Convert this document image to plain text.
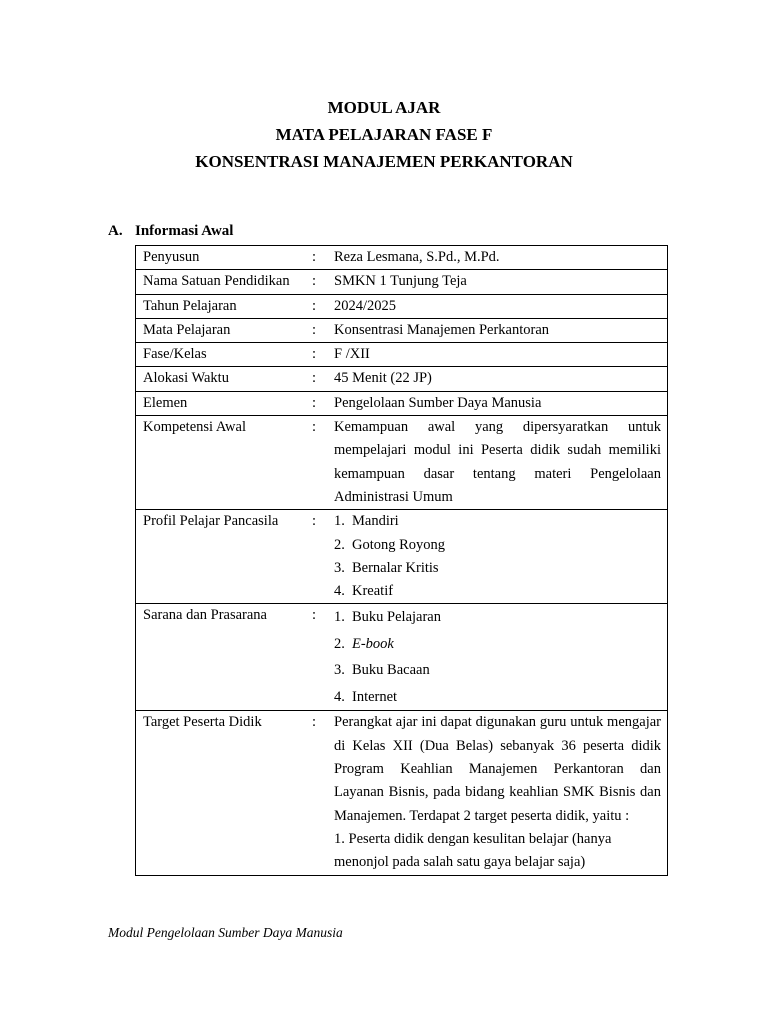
MODUL AJAR
MATA PELAJARAN FASE F
KONSENTRASI MANAJEMEN PERKANTORAN
A. Informasi Awal
Penyusun	:	Reza Lesmana, S.Pd., M.Pd.
Nama Satuan Pendidikan	:	SMKN 1 Tunjung Teja
Tahun Pelajaran	:	2024/2025
Mata Pelajaran	:	Konsentrasi Manajemen Perkantoran
Fase/Kelas	:	F /XII
Alokasi Waktu	:	45 Menit (22 JP)
Elemen	:	Pengelolaan Sumber Daya Manusia
Kompetensi Awal	:	Kemampuan awal yang dipersyaratkan untuk mempelajari modul ini Peserta didik sudah memiliki kemampuan dasar tentang materi Pengelolaan Administrasi Umum
Profil Pelajar Pancasila	:	1. Mandiri
2. Gotong Royong
3. Bernalar Kritis
4. Kreatif

Sarana dan Prasarana	:	1. Buku Pelajaran
2. E-book
3. Buku Bacaan
4. Internet

Target Peserta Didik	:	Perangkat ajar ini dapat digunakan guru untuk mengajar di Kelas XII (Dua Belas) sebanyak 36 peserta didik Program Keahlian Manajemen Perkantoran dan Layanan Bisnis, pada bidang keahlian SMK Bisnis dan Manajemen. Terdapat 2 target peserta didik, yaitu :
1. Peserta didik dengan kesulitan belajar (hanya menonjol pada salah satu gaya belajar saja)
Modul Pengelolaan Sumber Daya Manusia
